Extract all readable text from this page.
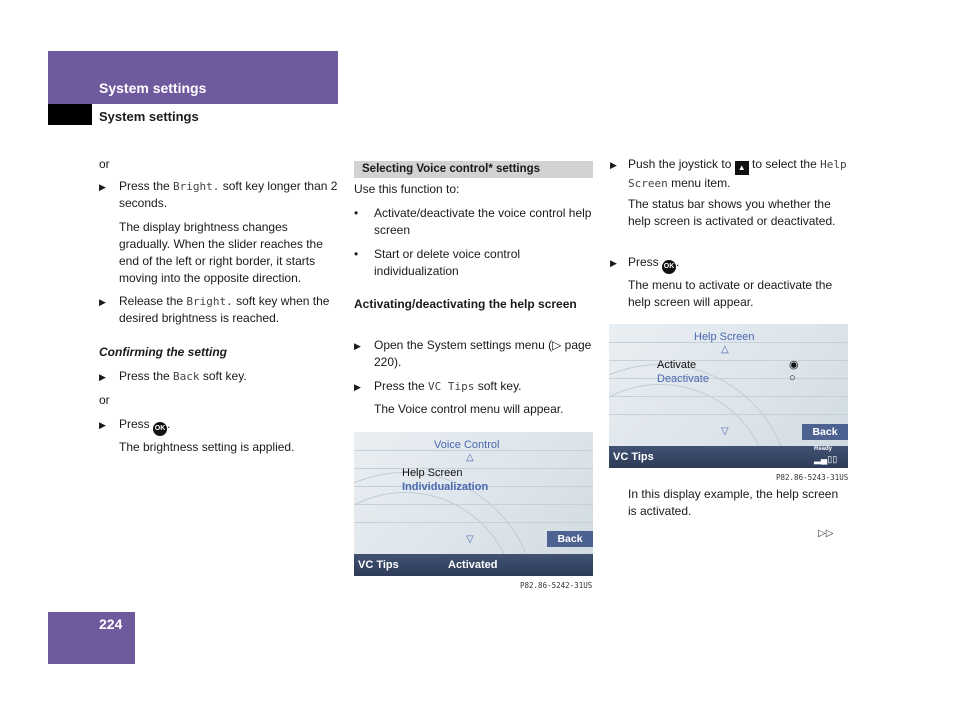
System settings
System settings
or
▶ Press the Bright. soft key longer than 2 seconds.
The display brightness changes gradually. When the slider reaches the end of the left or right border, it starts moving into the opposite direction.
▶ Release the Bright. soft key when the desired brightness is reached.
Confirming the setting
▶ Press the Back soft key.
or
▶ Press OK .
The brightness setting is applied.
Selecting Voice control* settings
Use this function to:
• Activate/deactivate the voice control help screen
• Start or delete voice control individualization
Activating/deactivating the help screen
▶ Open the System settings menu (▷ page 220).
▶ Press the VC Tips soft key.
The Voice control menu will appear.
Voice Control
△
Help Screen
Individualization
▽	Back
VC Tips	Activated
P82.86-5242-31US
▶ Push the joystick to ▲ to select the Help Screen menu item.
The status bar shows you whether the help screen is activated or deactivated.
▶ Press OK .
The menu to activate or deactivate the help screen will appear.
Help Screen
△
Activate	◉
Deactivate	○
▽	Back
VC Tips
Ready
▂▄▯▯
P82.86-5243-31US
In this display example, the help screen is activated.
▷▷
224
